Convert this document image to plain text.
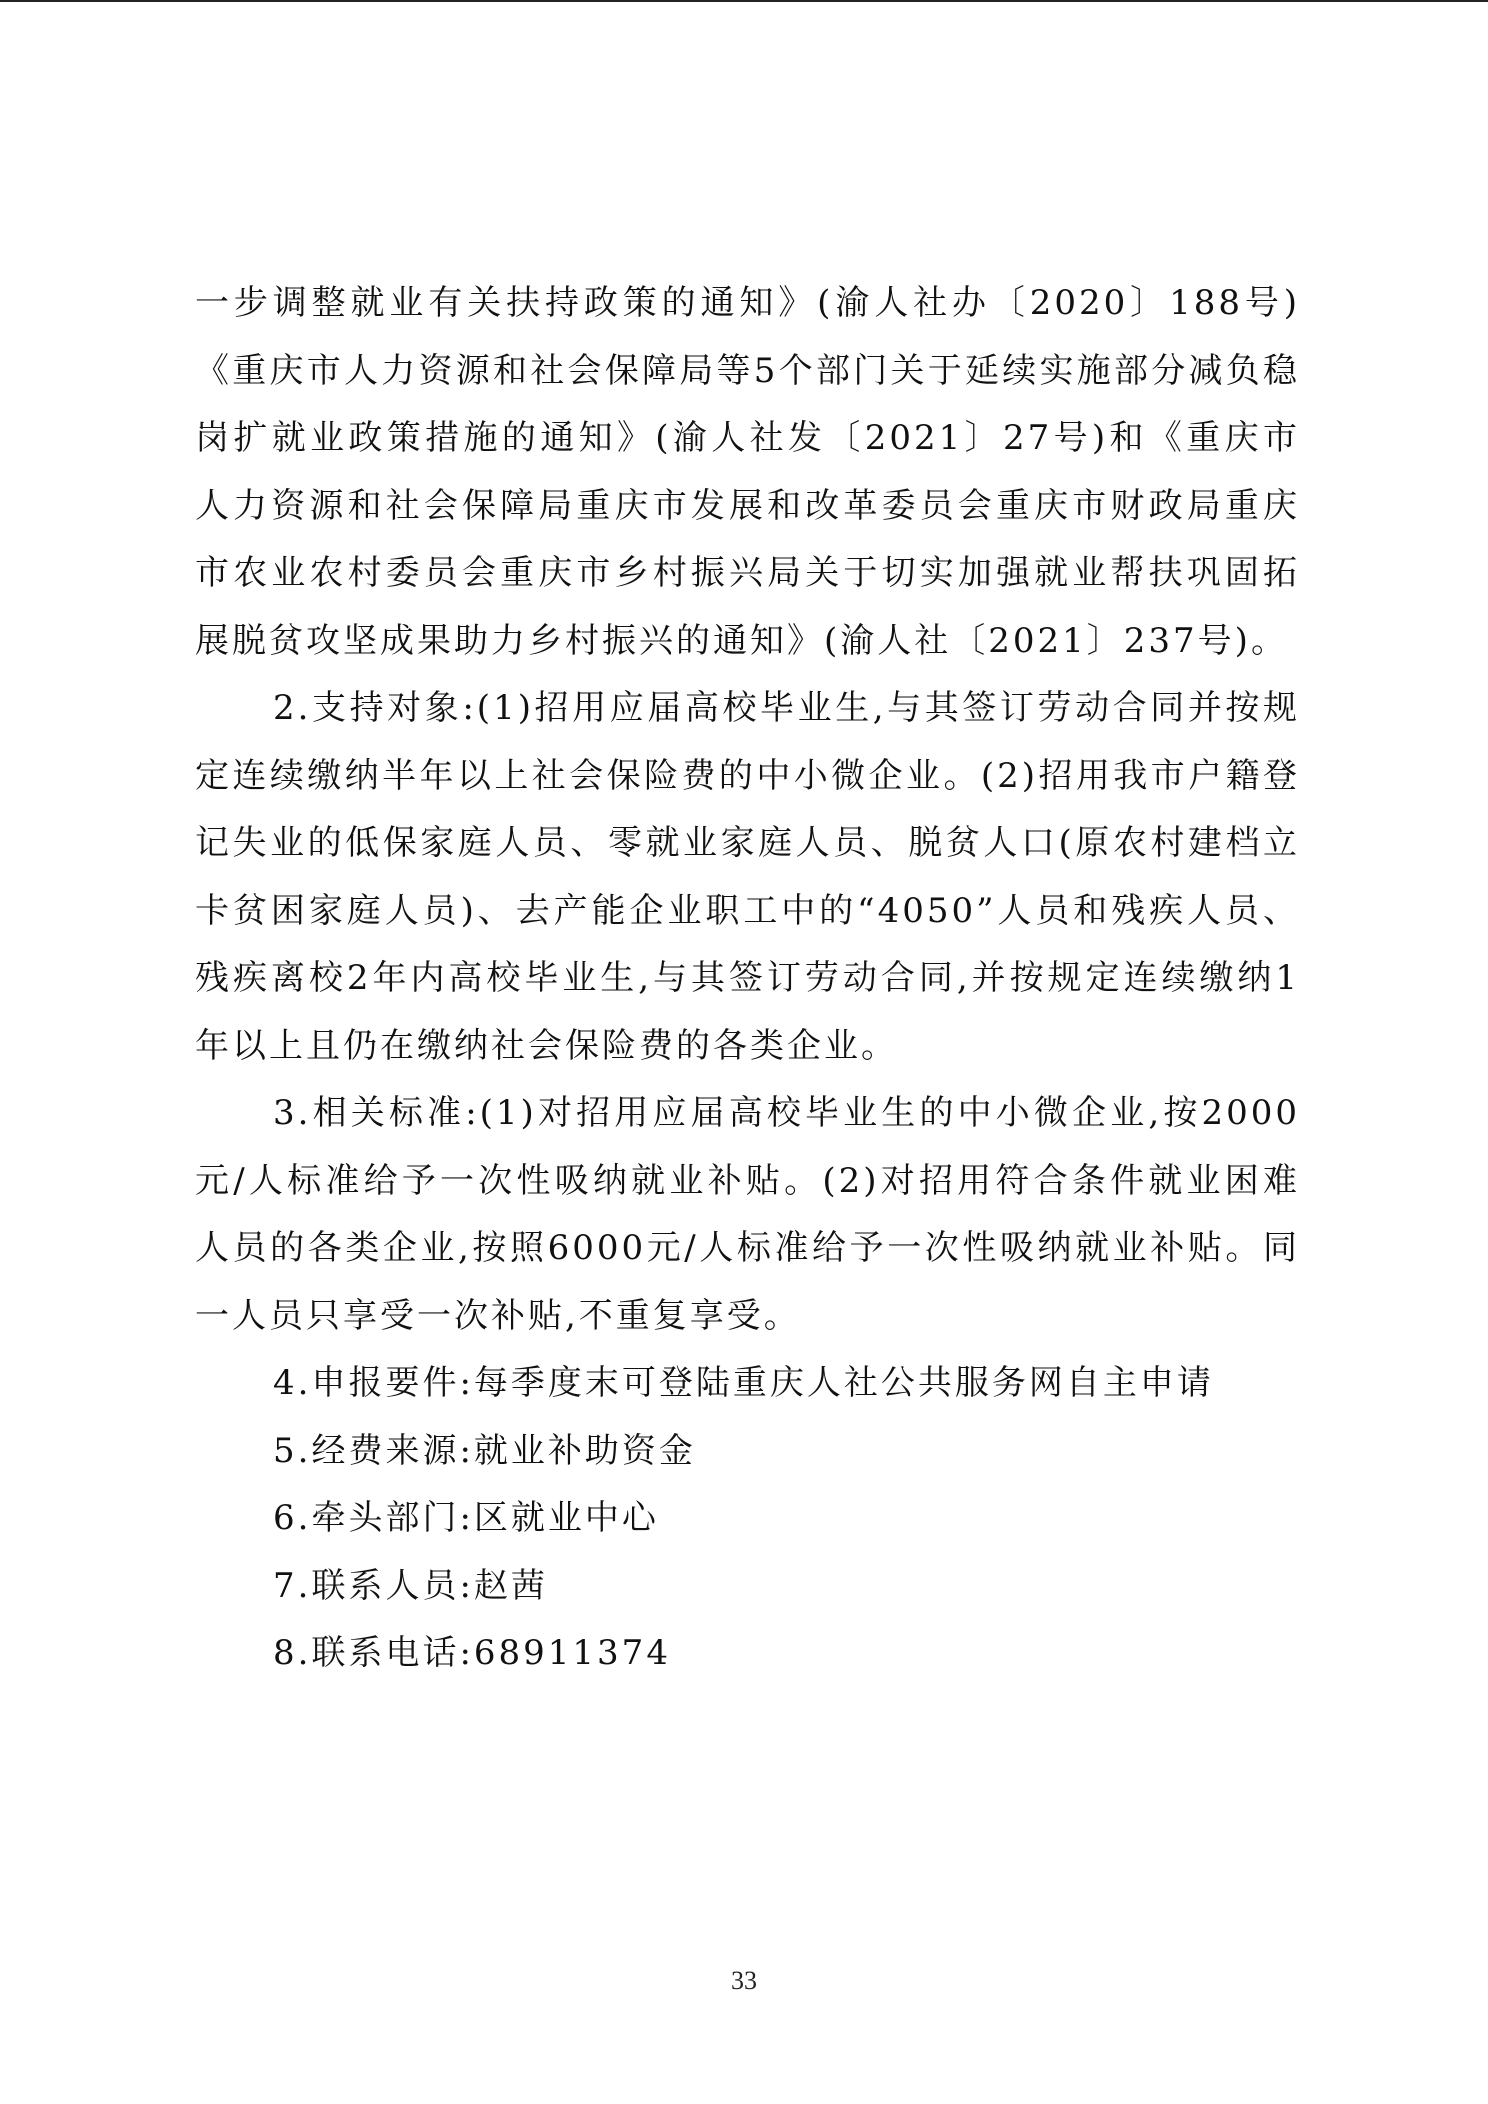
一步调整就业有关扶持政策的通知》(渝人社办〔2020〕188号)《重庆市人力资源和社会保障局等5个部门关于延续实施部分减负稳岗扩就业政策措施的通知》(渝人社发〔2021〕27号)和《重庆市人力资源和社会保障局重庆市发展和改革委员会重庆市财政局重庆市农业农村委员会重庆市乡村振兴局关于切实加强就业帮扶巩固拓展脱贫攻坚成果助力乡村振兴的通知》(渝人社〔2021〕237号)。

2.支持对象:(1)招用应届高校毕业生,与其签订劳动合同并按规定连续缴纳半年以上社会保险费的中小微企业。(2)招用我市户籍登记失业的低保家庭人员、零就业家庭人员、脱贫人口(原农村建档立卡贫困家庭人员)、去产能企业职工中的“4050”人员和残疾人员、残疾离校2年内高校毕业生,与其签订劳动合同,并按规定连续缴纳1年以上且仍在缴纳社会保险费的各类企业。

3.相关标准:(1)对招用应届高校毕业生的中小微企业,按2000元/人标准给予一次性吸纳就业补贴。(2)对招用符合条件就业困难人员的各类企业,按照6000元/人标准给予一次性吸纳就业补贴。同一人员只享受一次补贴,不重复享受。

4.申报要件:每季度末可登陆重庆人社公共服务网自主申请

5.经费来源:就业补助资金

6.牵头部门:区就业中心

7.联系人员:赵茜

8.联系电话:68911374

33
